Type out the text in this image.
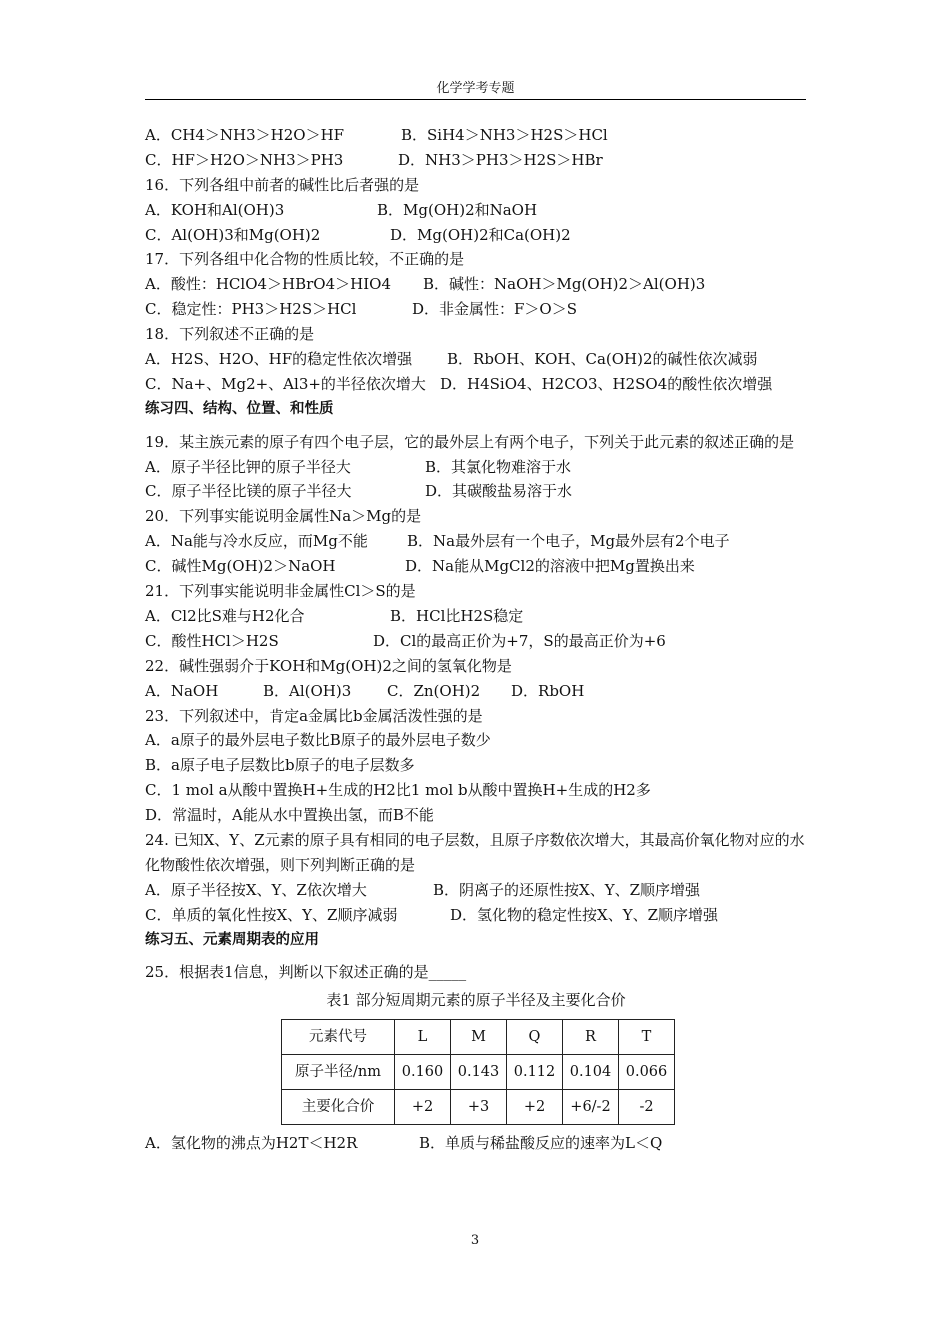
化学学考专题
A．CH4＞NH3＞H2O＞HF	B．SiH4＞NH3＞H2S＞HCl
C．HF＞H2O＞NH3＞PH3	D．NH3＞PH3＞H2S＞HBr
16．下列各组中前者的碱性比后者强的是
A．KOH和Al(OH)3	B．Mg(OH)2和NaOH
C．Al(OH)3和Mg(OH)2	D．Mg(OH)2和Ca(OH)2
17．下列各组中化合物的性质比较，不正确的是
A．酸性：HClO4＞HBrO4＞HIO4 B．碱性：NaOH＞Mg(OH)2＞Al(OH)3
C．稳定性：PH3＞H2S＞HCl	D．非金属性：F＞O＞S
18．下列叙述不正确的是
A．H2S、H2O、HF的稳定性依次增强 B．RbOH、KOH、Ca(OH)2的碱性依次减弱
C．Na+、Mg2+、Al3+的半径依次增大 D．H4SiO4、H2CO3、H2SO4的酸性依次增强
练习四、结构、位置、和性质
19．某主族元素的原子有四个电子层，它的最外层上有两个电子，下列关于此元素的叙述正确的是
A．原子半径比钾的原子半径大	B．其氯化物难溶于水
C．原子半径比镁的原子半径大	D．其碳酸盐易溶于水
20．下列事实能说明金属性Na＞Mg的是
A．Na能与冷水反应，而Mg不能	B．Na最外层有一个电子，Mg最外层有2个电子
C．碱性Mg(OH)2＞NaOH	D．Na能从MgCl2的溶液中把Mg置换出来
21．下列事实能说明非金属性Cl＞S的是
A．Cl2比S难与H2化合	B．HCl比H2S稳定
C．酸性HCl＞H2S	D．Cl的最高正价为+7，S的最高正价为+6
22．碱性强弱介于KOH和Mg(OH)2之间的氢氧化物是
A．NaOH	B．Al(OH)3 C．Zn(OH)2 D．RbOH
23．下列叙述中，肯定a金属比b金属活泼性强的是
A．a原子的最外层电子数比B原子的最外层电子数少
B．a原子电子层数比b原子的电子层数多
C．1 mol a从酸中置换H+生成的H2比1 mol b从酸中置换H+生成的H2多
D．常温时，A能从水中置换出氢，而B不能
24. 已知X、Y、Z元素的原子具有相同的电子层数，且原子序数依次增大，其最高价氧化物对应的水化物酸性依次增强，则下列判断正确的是
A．原子半径按X、Y、Z依次增大	B．阴离子的还原性按X、Y、Z顺序增强
C．单质的氧化性按X、Y、Z顺序减弱	D．氢化物的稳定性按X、Y、Z顺序增强
练习五、元素周期表的应用
25．根据表1信息，判断以下叙述正确的是_____
表1 部分短周期元素的原子半径及主要化合价
元素代号	L	M	Q	R	T
原子半径/nm	0.160	0.143	0.112	0.104	0.066
主要化合价	+2	+3	+2	+6/-2	-2
A．氢化物的沸点为H2T＜H2R	B．单质与稀盐酸反应的速率为L＜Q
3
